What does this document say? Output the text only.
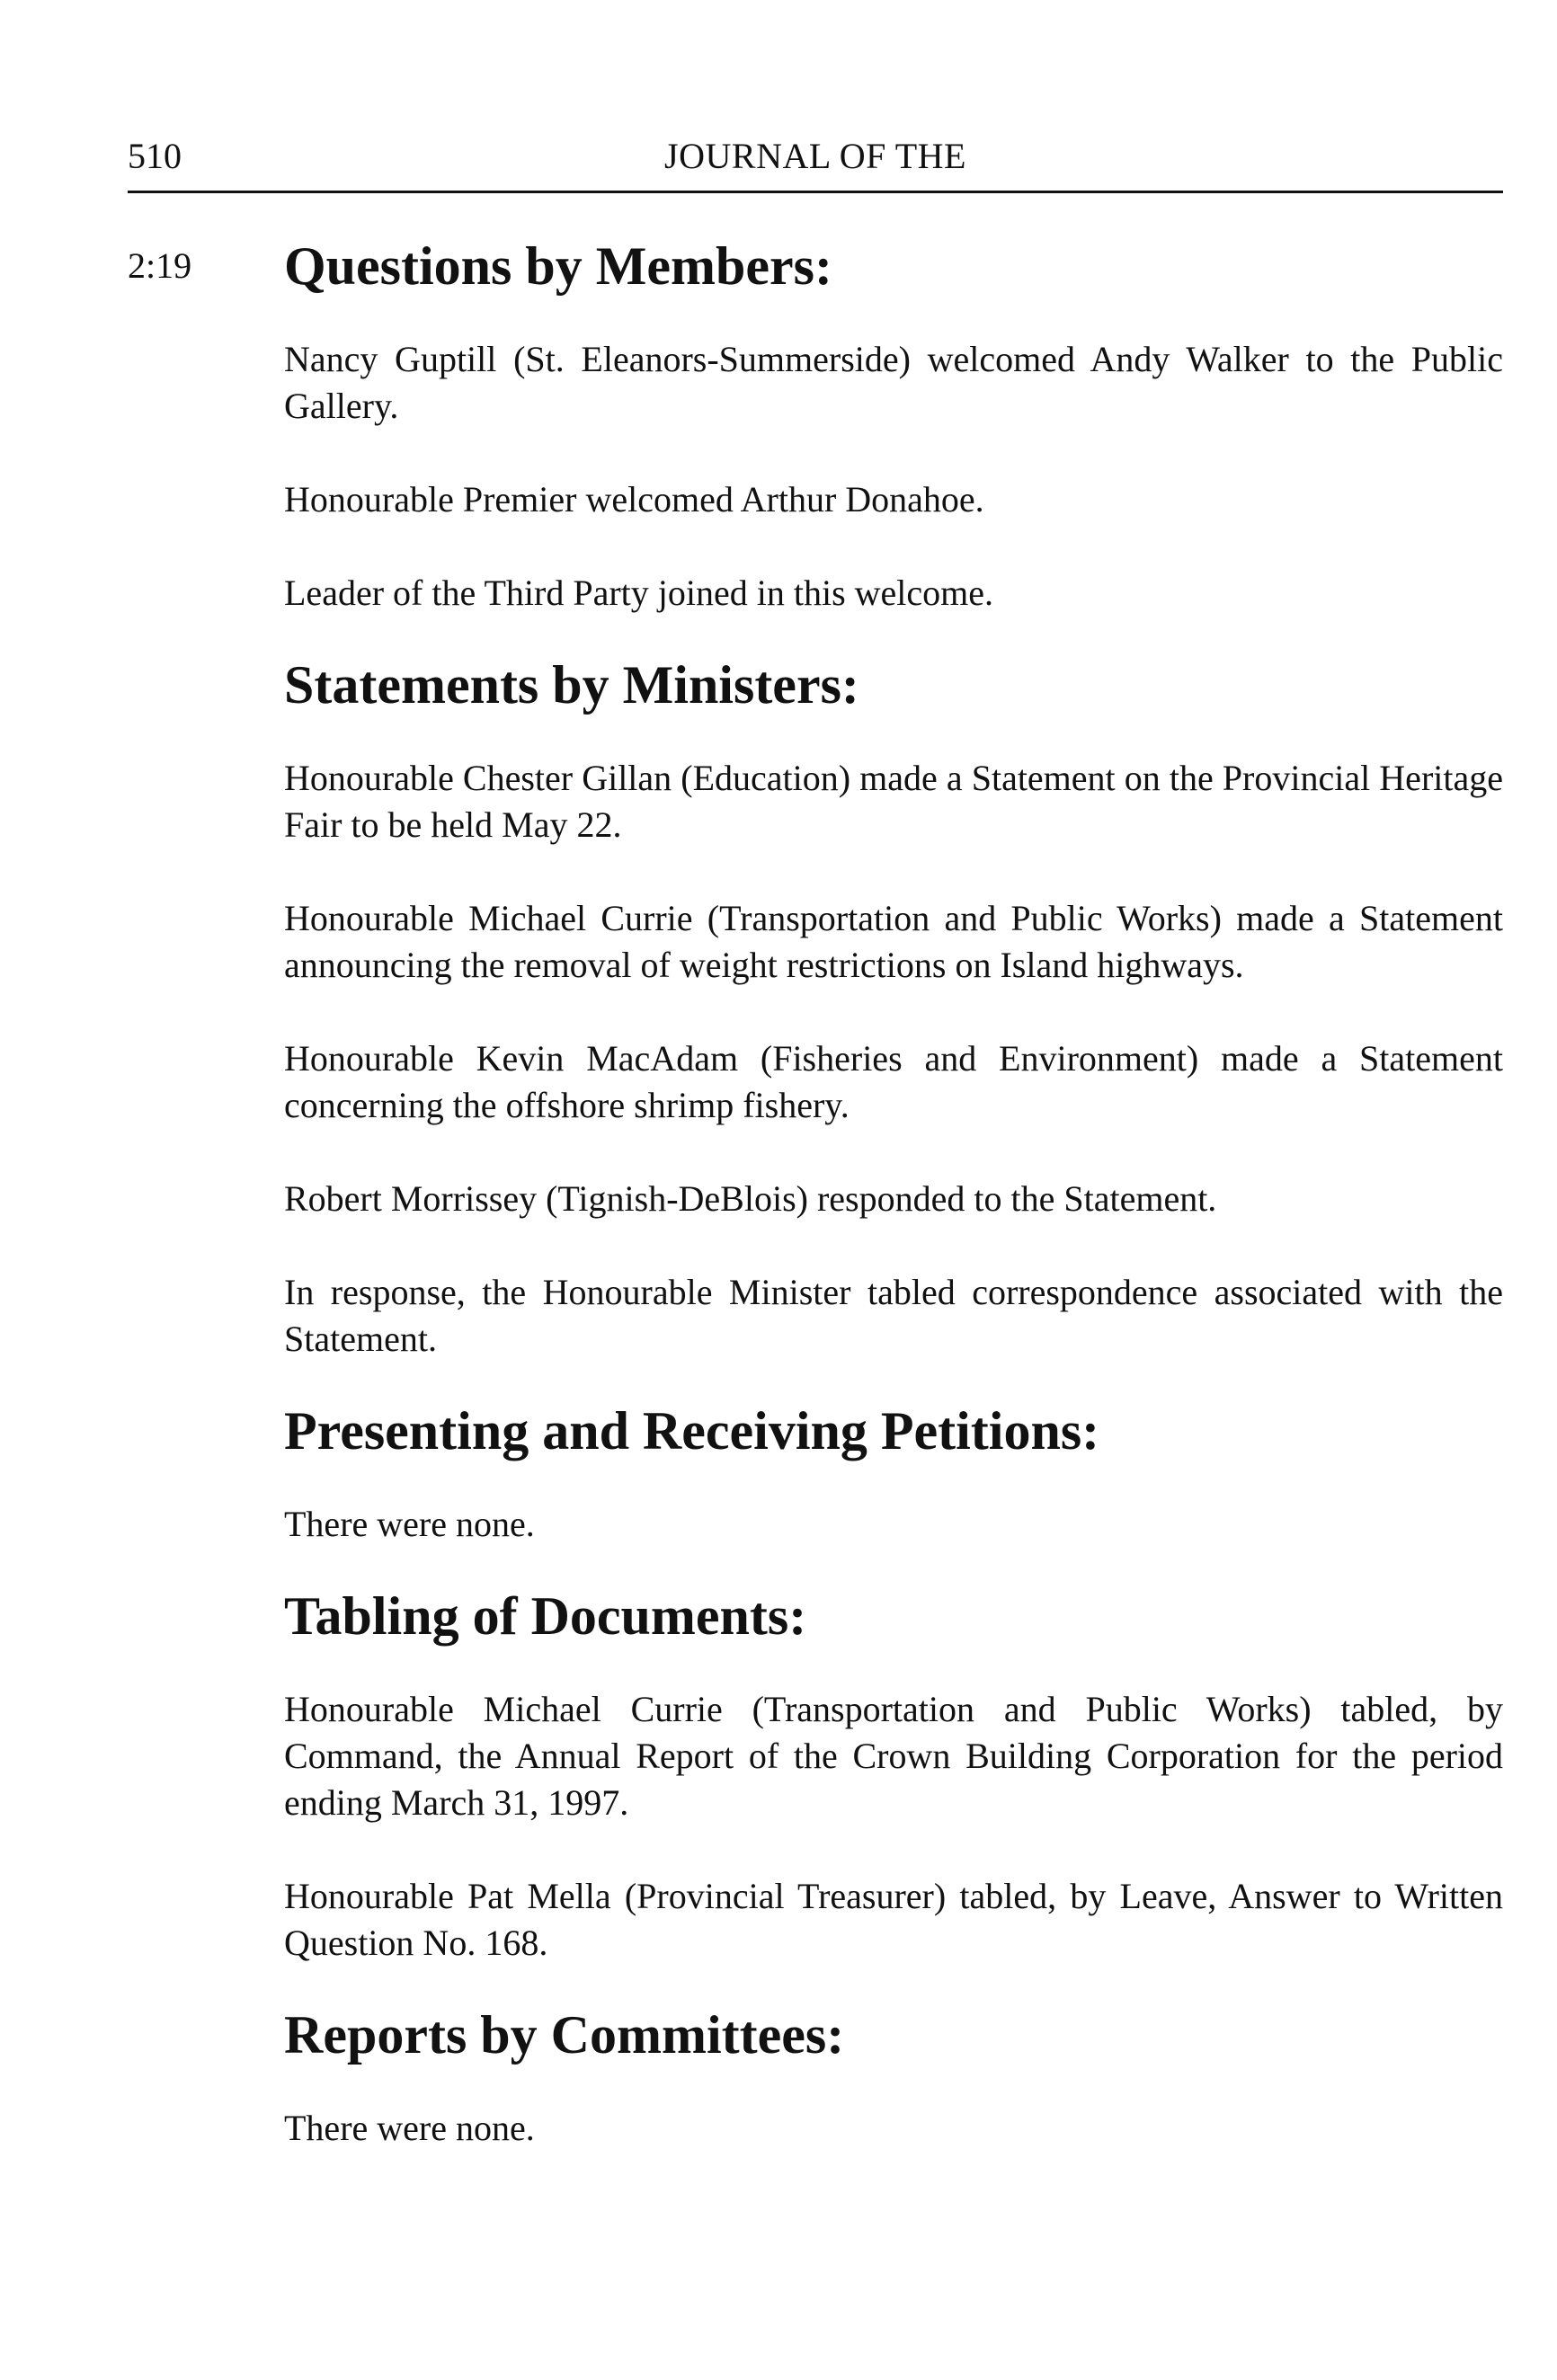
510	JOURNAL OF THE
2:19 Questions by Members:

Nancy Guptill (St. Eleanors-Summerside) welcomed Andy Walker to the Public Gallery.

Honourable Premier welcomed Arthur Donahoe.

Leader of the Third Party joined in this welcome.

Statements by Ministers:

Honourable Chester Gillan (Education) made a Statement on the Provincial Heritage Fair to be held May 22.

Honourable Michael Currie (Transportation and Public Works) made a Statement announcing the removal of weight restrictions on Island highways.

Honourable Kevin MacAdam (Fisheries and Environment) made a Statement concerning the offshore shrimp fishery.

Robert Morrissey (Tignish-DeBlois) responded to the Statement.

In response, the Honourable Minister tabled correspondence associated with the Statement.

Presenting and Receiving Petitions:

There were none.

Tabling of Documents:

Honourable Michael Currie (Transportation and Public Works) tabled, by Command, the Annual Report of the Crown Building Corporation for the period ending March 31, 1997.

Honourable Pat Mella (Provincial Treasurer) tabled, by Leave, Answer to Written Question No. 168.

Reports by Committees:

There were none.
